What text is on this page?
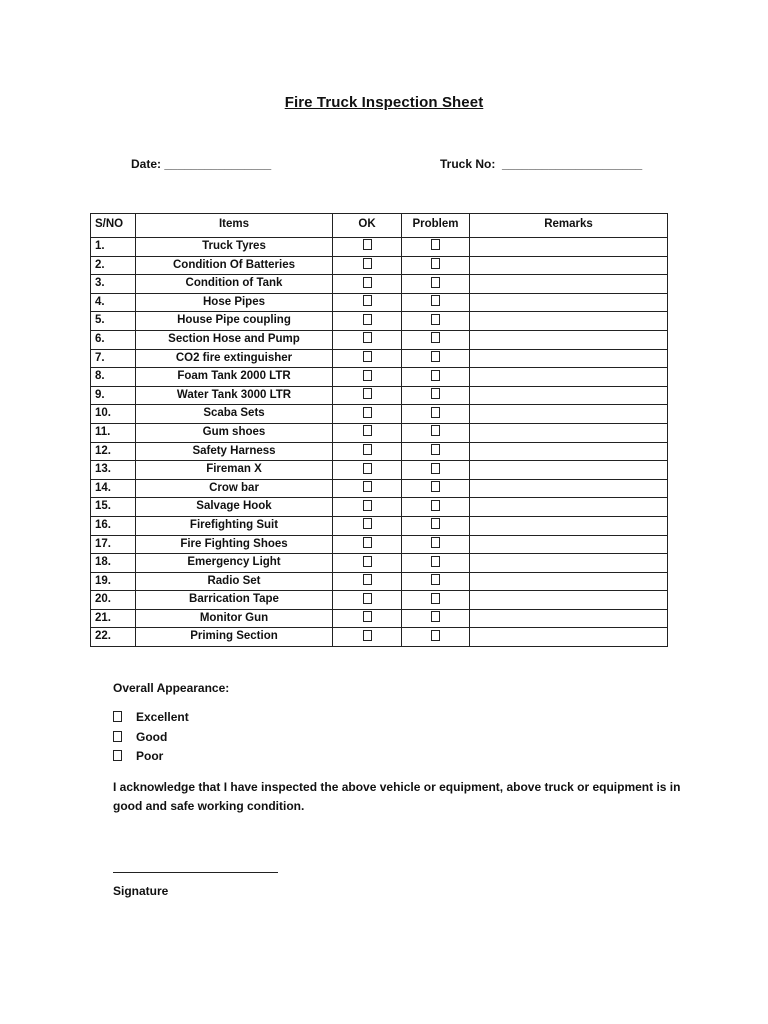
Fire Truck Inspection Sheet
Date: ________________	Truck No:  _____________________
S/NO	Items	OK	Problem	Remarks
1.	Truck Tyres			
2.	Condition Of Batteries			
3.	Condition of Tank			
4.	Hose Pipes			
5.	House Pipe coupling			
6.	Section Hose and Pump			
7.	CO2 fire extinguisher			
8.	Foam Tank 2000 LTR			
9.	Water Tank 3000 LTR			
10.	Scaba Sets			
11.	Gum shoes			
12.	Safety Harness			
13.	Fireman X			
14.	Crow bar			
15.	Salvage Hook			
16.	Firefighting Suit			
17.	Fire Fighting Shoes			
18.	Emergency Light			
19.	Radio Set			
20.	Barrication Tape			
21.	Monitor Gun			
22.	Priming Section			
Overall Appearance:
Excellent
Good
Poor
I acknowledge that I have inspected the above vehicle or equipment, above truck or equipment is in good and safe working condition.
Signature
